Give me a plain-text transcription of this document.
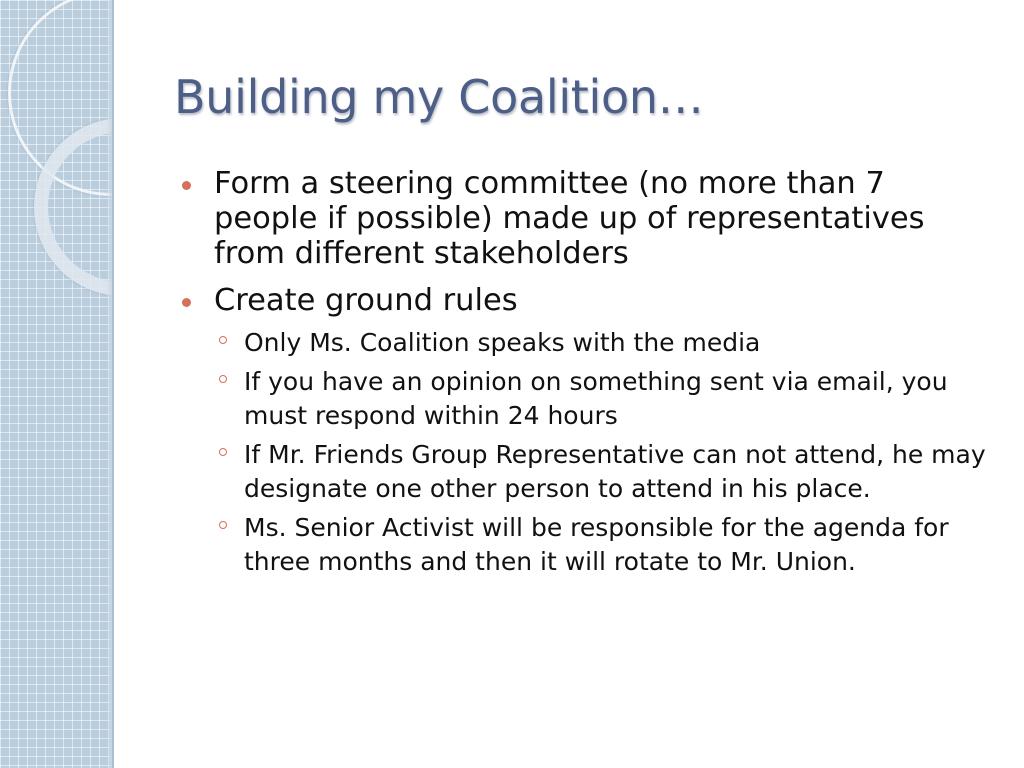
Building my Coalition…
Form a steering committee (no more than 7 people if possible) made up of representatives from different stakeholders
Create ground rules
Only Ms. Coalition speaks with the media
If you have an opinion on something sent via email, you must respond within 24 hours
If Mr. Friends Group Representative can not attend, he may designate one other person to attend in his place.
Ms. Senior Activist will be responsible for the agenda for three months and then it will rotate to Mr. Union.
